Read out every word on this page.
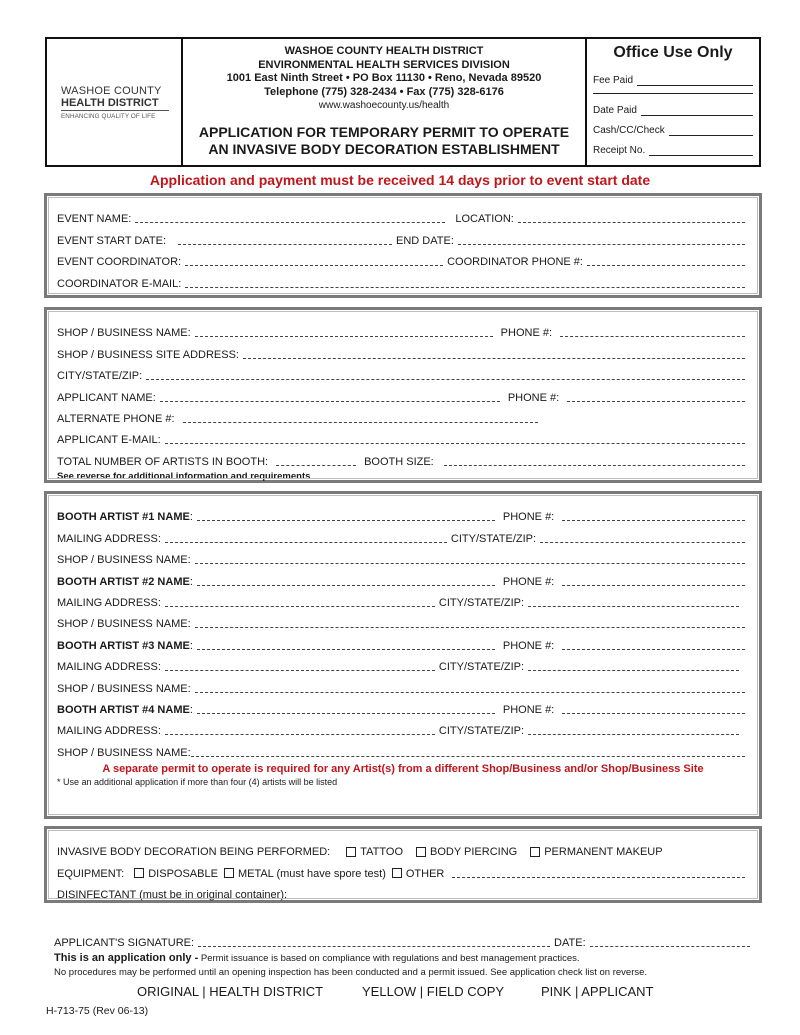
WASHOE COUNTY
HEALTH DISTRICT
ENHANCING QUALITY OF LIFE
WASHOE COUNTY HEALTH DISTRICT
ENVIRONMENTAL HEALTH SERVICES DIVISION
1001 East Ninth Street • PO Box 11130 • Reno, Nevada 89520
Telephone (775) 328-2434 • Fax (775) 328-6176
www.washoecounty.us/health
APPLICATION FOR TEMPORARY PERMIT TO OPERATE
AN INVASIVE BODY DECORATION ESTABLISHMENT
Office Use Only
Fee Paid
Date Paid
Cash/CC/Check
Receipt No.
Application and payment must be received 14 days prior to event start date
EVENT NAME:	LOCATION:
EVENT START DATE:	END DATE:
EVENT COORDINATOR:	COORDINATOR PHONE #:
COORDINATOR E-MAIL:
SHOP / BUSINESS NAME:	PHONE #:
SHOP / BUSINESS SITE ADDRESS:
CITY/STATE/ZIP:
APPLICANT NAME:	PHONE #:
ALTERNATE PHONE #:
APPLICANT E-MAIL:
TOTAL NUMBER OF ARTISTS IN BOOTH:	BOOTH SIZE:
See reverse for additional information and requirements
BOOTH ARTIST #1 NAME:	PHONE #:
MAILING ADDRESS:	CITY/STATE/ZIP:
SHOP / BUSINESS NAME:
BOOTH ARTIST #2 NAME:	PHONE #:
MAILING ADDRESS:	CITY/STATE/ZIP:
SHOP / BUSINESS NAME:
BOOTH ARTIST #3 NAME:	PHONE #:
MAILING ADDRESS:	CITY/STATE/ZIP:
SHOP / BUSINESS NAME:
BOOTH ARTIST #4 NAME:	PHONE #:
MAILING ADDRESS:	CITY/STATE/ZIP:
SHOP / BUSINESS NAME:
A separate permit to operate is required for any Artist(s) from a different Shop/Business and/or Shop/Business Site
* Use an additional application if more than four (4) artists will be listed
INVASIVE BODY DECORATION BEING PERFORMED:	TATTOO BODY PIERCING PERMANENT MAKEUP
EQUIPMENT: DISPOSABLE METAL (must have spore test) OTHER
DISINFECTANT (must be in original container):
APPLICANT'S SIGNATURE:	DATE:
This is an application only - Permit issuance is based on compliance with regulations and best management practices.
No procedures may be performed until an opening inspection has been conducted and a permit issued. See application check list on reverse.
ORIGINAL | HEALTH DISTRICT	YELLOW | FIELD COPY	PINK | APPLICANT
H-713-75 (Rev 06-13)
